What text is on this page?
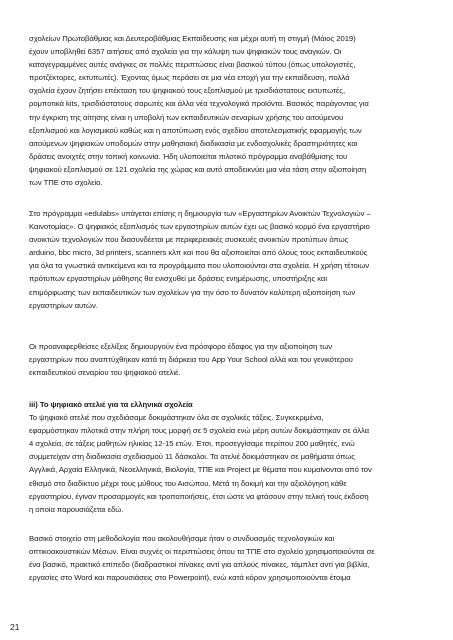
σχολείων Πρωτοβάθμιας και Δευτεροβάθμιας Εκπαίδευσης και μέχρι αυτή τη στιγμή (Μάιος 2019)
έχουν υποβληθεί 6357 αιτήσεις από σχολεία για την κάλυψη των ψηφιακών τους αναγκών. Οι
καταγεγραμμένες αυτές ανάγκες σε πολλές περιπτώσεις είναι βασικού τύπου (όπως υπολογιστές,
προτζέκτορες, εκτυπωτές). Έχοντας όμως περάσει σε μια νέα εποχή για την εκπαίδευση, πολλά
σχολεία έχουν ζητήσει επέκταση του ψηφιακού τους εξοπλισμού με τρισδιάστατους εκτυπωτές,
ρομποτικά kits, τρισδιάστατους σαρωτές και άλλα νέα τεχνολογικά προϊόντα. Βασικός παράγοντας για
την έγκριση της αίτησης είναι η υποβολή των εκπαιδευτικών σεναρίων χρήσης του αιτούμενου
εξοπλισμού και λογισμικού καθώς και η αποτύπωση ενός σχεδίου αποτελεσματικής εφαρμογής των
αιτούμενων ψηφιακών υποδομών στην μαθησιακή διαδικασία με ενδοσχολικές δραστηριότητες και
δράσεις ανοιχτές στην τοπική κοινωνία. Ήδη υλοποιείται πιλοτικό πρόγραμμα αναβάθμισης του
ψηφιακού εξοπλισμού σε 121 σχολεία της χώρας και αυτό αποδεικνύει μια νέα τάση στην αξιοποίηση
των ΤΠΕ στο σχολείο.
Στο πρόγραμμα «edulabs» υπάγεται επίσης η δημιουργία των «Εργαστηρίων Ανοικτών Τεχνολογιών –
Καινοτομίας». Ο ψηφιακός εξοπλισμός των εργαστηρίων αυτών έχει ως βασικό κορμό ένα εργαστήριο
ανοικτών τεχνολογιών που διασυνδέεται με περιφερειακές συσκευές ανοικτών προτύπων όπως
arduino, bbc micro, 3d printers, scanners κλπ και που θα αξιοποιείται από όλους τους εκπαιδευτικούς
για όλα τα γνωστικά αντικείμενα και τα προγράμματα που υλοποιούνται στα σχολεία. Η χρήση τέτοιων
πρότυπων εργαστηρίων μάθησης θα ενισχυθεί με δράσεις ενημέρωσης, υποστήριξης και
επιμόρφωσης των εκπαιδευτικών των σχολείων για την όσο το δυνατόν καλύτερη αξιοποίηση των
εργαστηρίων αυτών.
Οι προαναφερθείσες εξελίξεις δημιουργούν ένα πρόσφορο έδαφος για την αξιοποίηση των
εργαστηρίων που αναπτύχθηκαν κατά τη διάρκεια του App Your School αλλά και του γενικότερου
εκπαιδευτικού σεναρίου του ψηφιακού ατελιέ.
iii) Το ψηφιακό ατελιέ για τα ελληνικά σχολεία
Το ψηφιακό ατελιέ που σχεδιάσαμε δοκιμάστηκαν όλα σε σχολικές τάξεις. Συγκεκριμένα,
εφαρμόστηκαν πιλοτικά στην πλήρη τους μορφή σε 5 σχολεία ενώ μέρη αυτών δοκιμάστηκαν σε άλλα
4 σχολεία, σε τάξεις μαθητών ηλικίας 12-15 ετών. Έτσι, προσεγγίσαμε περίπου 200 μαθητές, ενώ
συμμετείχαν στη διαδικασία σχεδιασμού 11 δάσκαλοι. Τα ατελιέ δοκιμάστηκαν σε μαθήματα όπως
Αγγλικά, Αρχαία Ελληνικά, Νεοελληνικά, Βιολογία, ΤΠΕ και Project με θέματα που κυμαίνονται από τον
εθισμό στο διαδίκτυο μέχρι τους μύθους του Αισώπου. Μετά τη δοκιμή και την αξιολόγηση κάθε
εργαστηρίου, έγιναν προσαρμογές και τροποποιήσεις, έτσι ώστε να φτάσουν στην τελική τους έκδοση
η οποία παρουσιάζεται εδώ.
Βασικό στοιχείο στη μεθοδολογία που ακολουθήσαμε ήταν ο συνδυασμός τεχνολογικών και
οπτικοακουστικών Μέσων. Είναι συχνές οι περιπτώσεις όπου τα ΤΠΕ στο σχολείο χρησιμοποιούνται σε
ένα βασικό, πρακτικό επίπεδο (διαδραστικοί πίνακες αντί για απλούς πίνακες, τάμπλετ αντί για βιβλία,
εργασίες στο Word και παρουσιάσεις στο Powerpoint), ενώ κατά κόρον χρησιμοποιούνται έτοιμα
21
